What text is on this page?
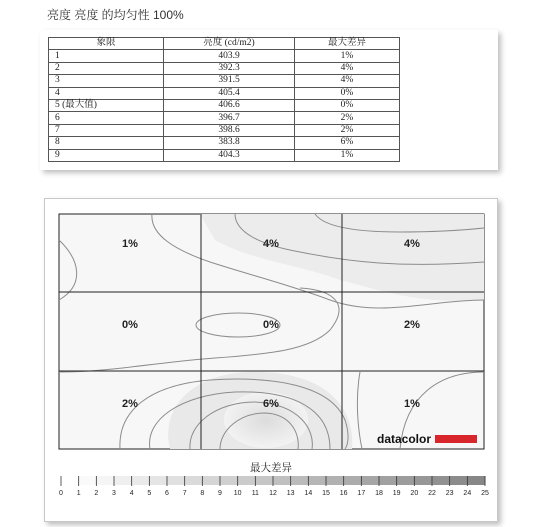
亮度 亮度 的均匀性 100%
象限	亮度 (cd/m2)	最大差异
1	403.9	1%
2	392.3	4%
3	391.5	4%
4	405.4	0%
5 (最大值)	406.6	0%
6	396.7	2%
7	398.6	2%
8	383.8	6%
9	404.3	1%
1%	4%	4%
0%	0%	2%
2%	6%	1%
datacolor
最大差异
0 1 2 3 4 5 6 7 8 9 10 11 12 13 14 15 16 17 18 19 20 22 23 24 25
